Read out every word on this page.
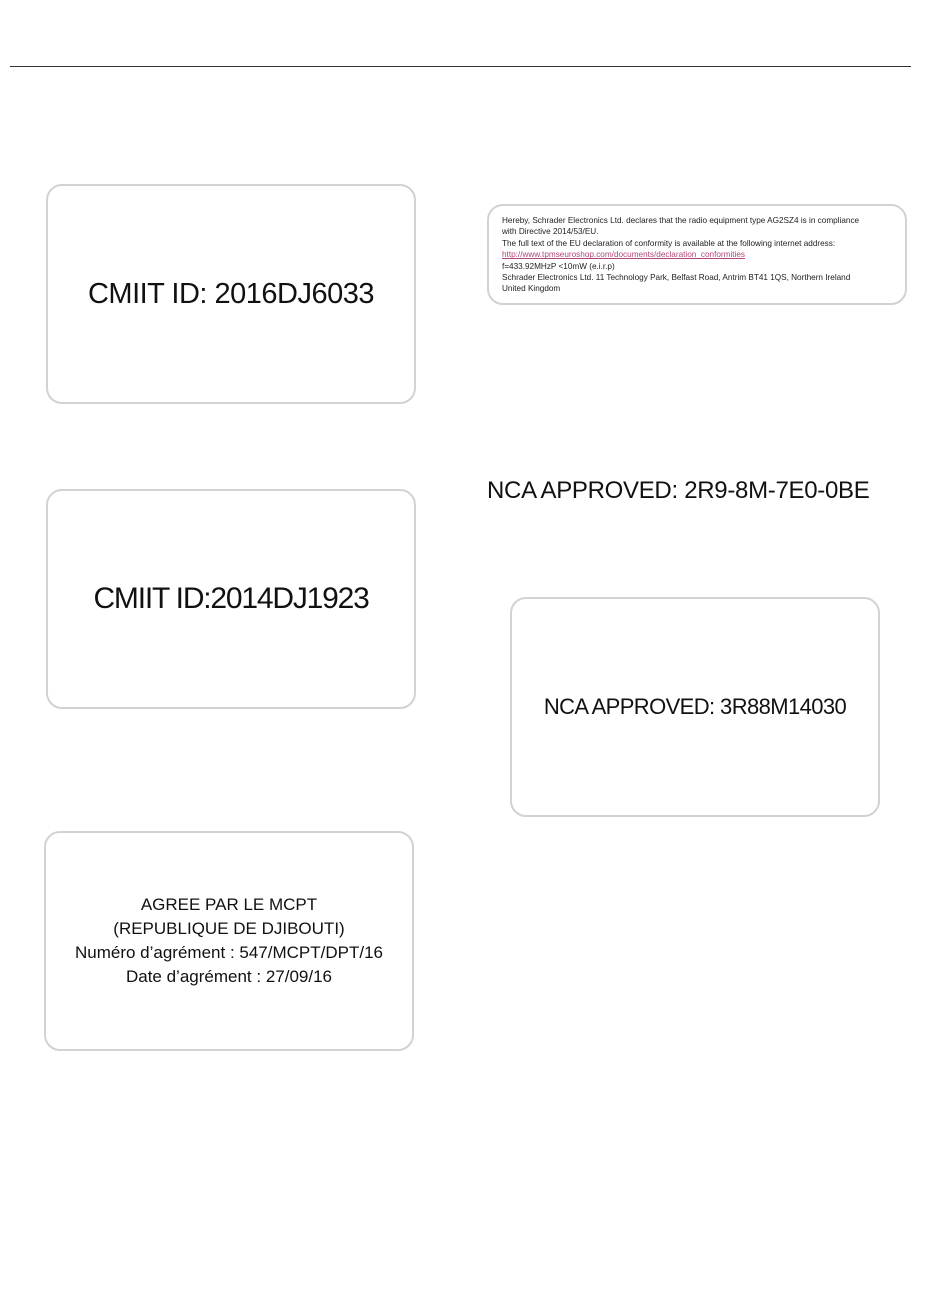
CMIIT ID: 2016DJ6033
Hereby, Schrader Electronics Ltd. declares that the radio equipment type AG2SZ4 is in compliance
with Directive 2014/53/EU.
The full text of the EU declaration of conformity is available at the following internet address:
http://www.tpmseuroshop.com/documents/declaration_conformities
f=433.92MHzP <10mW (e.i.r.p)
Schrader Electronics Ltd. 11 Technology Park, Belfast Road, Antrim BT41 1QS, Northern Ireland
United Kingdom
CMIIT ID:2014DJ1923
NCA APPROVED: 2R9-8M-7E0-0BE
NCA APPROVED: 3R88M14030
AGREE PAR LE MCPT
(REPUBLIQUE DE DJIBOUTI)
Numéro d’agrément : 547/MCPT/DPT/16
Date d’agrément : 27/09/16
